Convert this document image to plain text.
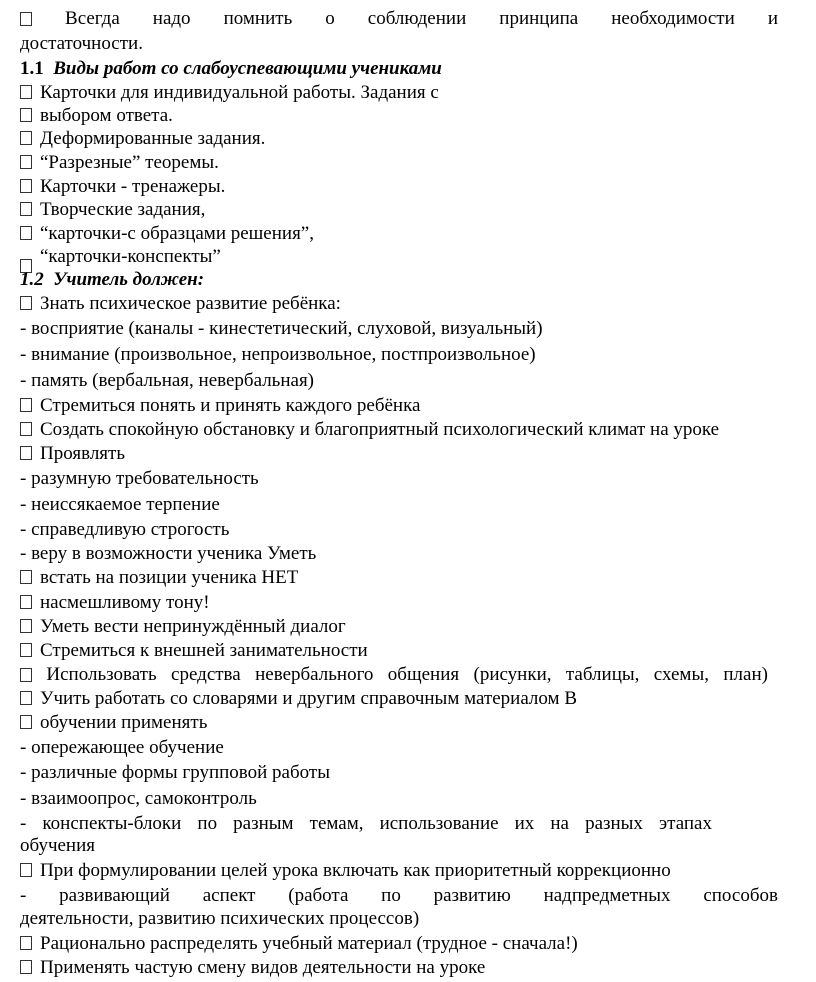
Всегда надо помнить о соблюдении принципа необходимости и
достаточности.
1.1 Виды работ со слабоуспевающими учениками
Карточки для индивидуальной работы. Задания с
выбором ответа.
Деформированные задания.
“Разрезные” теоремы.
Карточки - тренажеры.
Творческие задания,
“карточки-с образцами решения”,
“карточки-конспекты”
1.2 Учитель должен:
Знать психическое развитие ребёнка:
- восприятие (каналы - кинестетический, слуховой, визуальный)
- внимание (произвольное, непроизвольное, постпроизвольное)
- память (вербальная, невербальная)
Стремиться понять и принять каждого ребёнка
Создать спокойную обстановку и благоприятный психологический климат на уроке
Проявлять
- разумную требовательность
- неиссякаемое терпение
- справедливую строгость
- веру в возможности ученика Уметь
встать на позиции ученика НЕТ
насмешливому тону!
Уметь вести непринуждённый диалог
Стремиться к внешней занимательности
Использовать средства невербального общения (рисунки, таблицы, схемы, план)
Учить работать со словарями и другим справочным материалом В
обучении применять
- опережающее обучение
- различные формы групповой работы
- взаимоопрос, самоконтроль
- конспекты-блоки по разным темам, использование их на разных этапах
обучения
При формулировании целей урока включать как приоритетный коррекционно
- развивающий аспект (работа по развитию надпредметных способов
деятельности, развитию психических процессов)
Рационально распределять учебный материал (трудное - сначала!)
Применять частую смену видов деятельности на уроке
